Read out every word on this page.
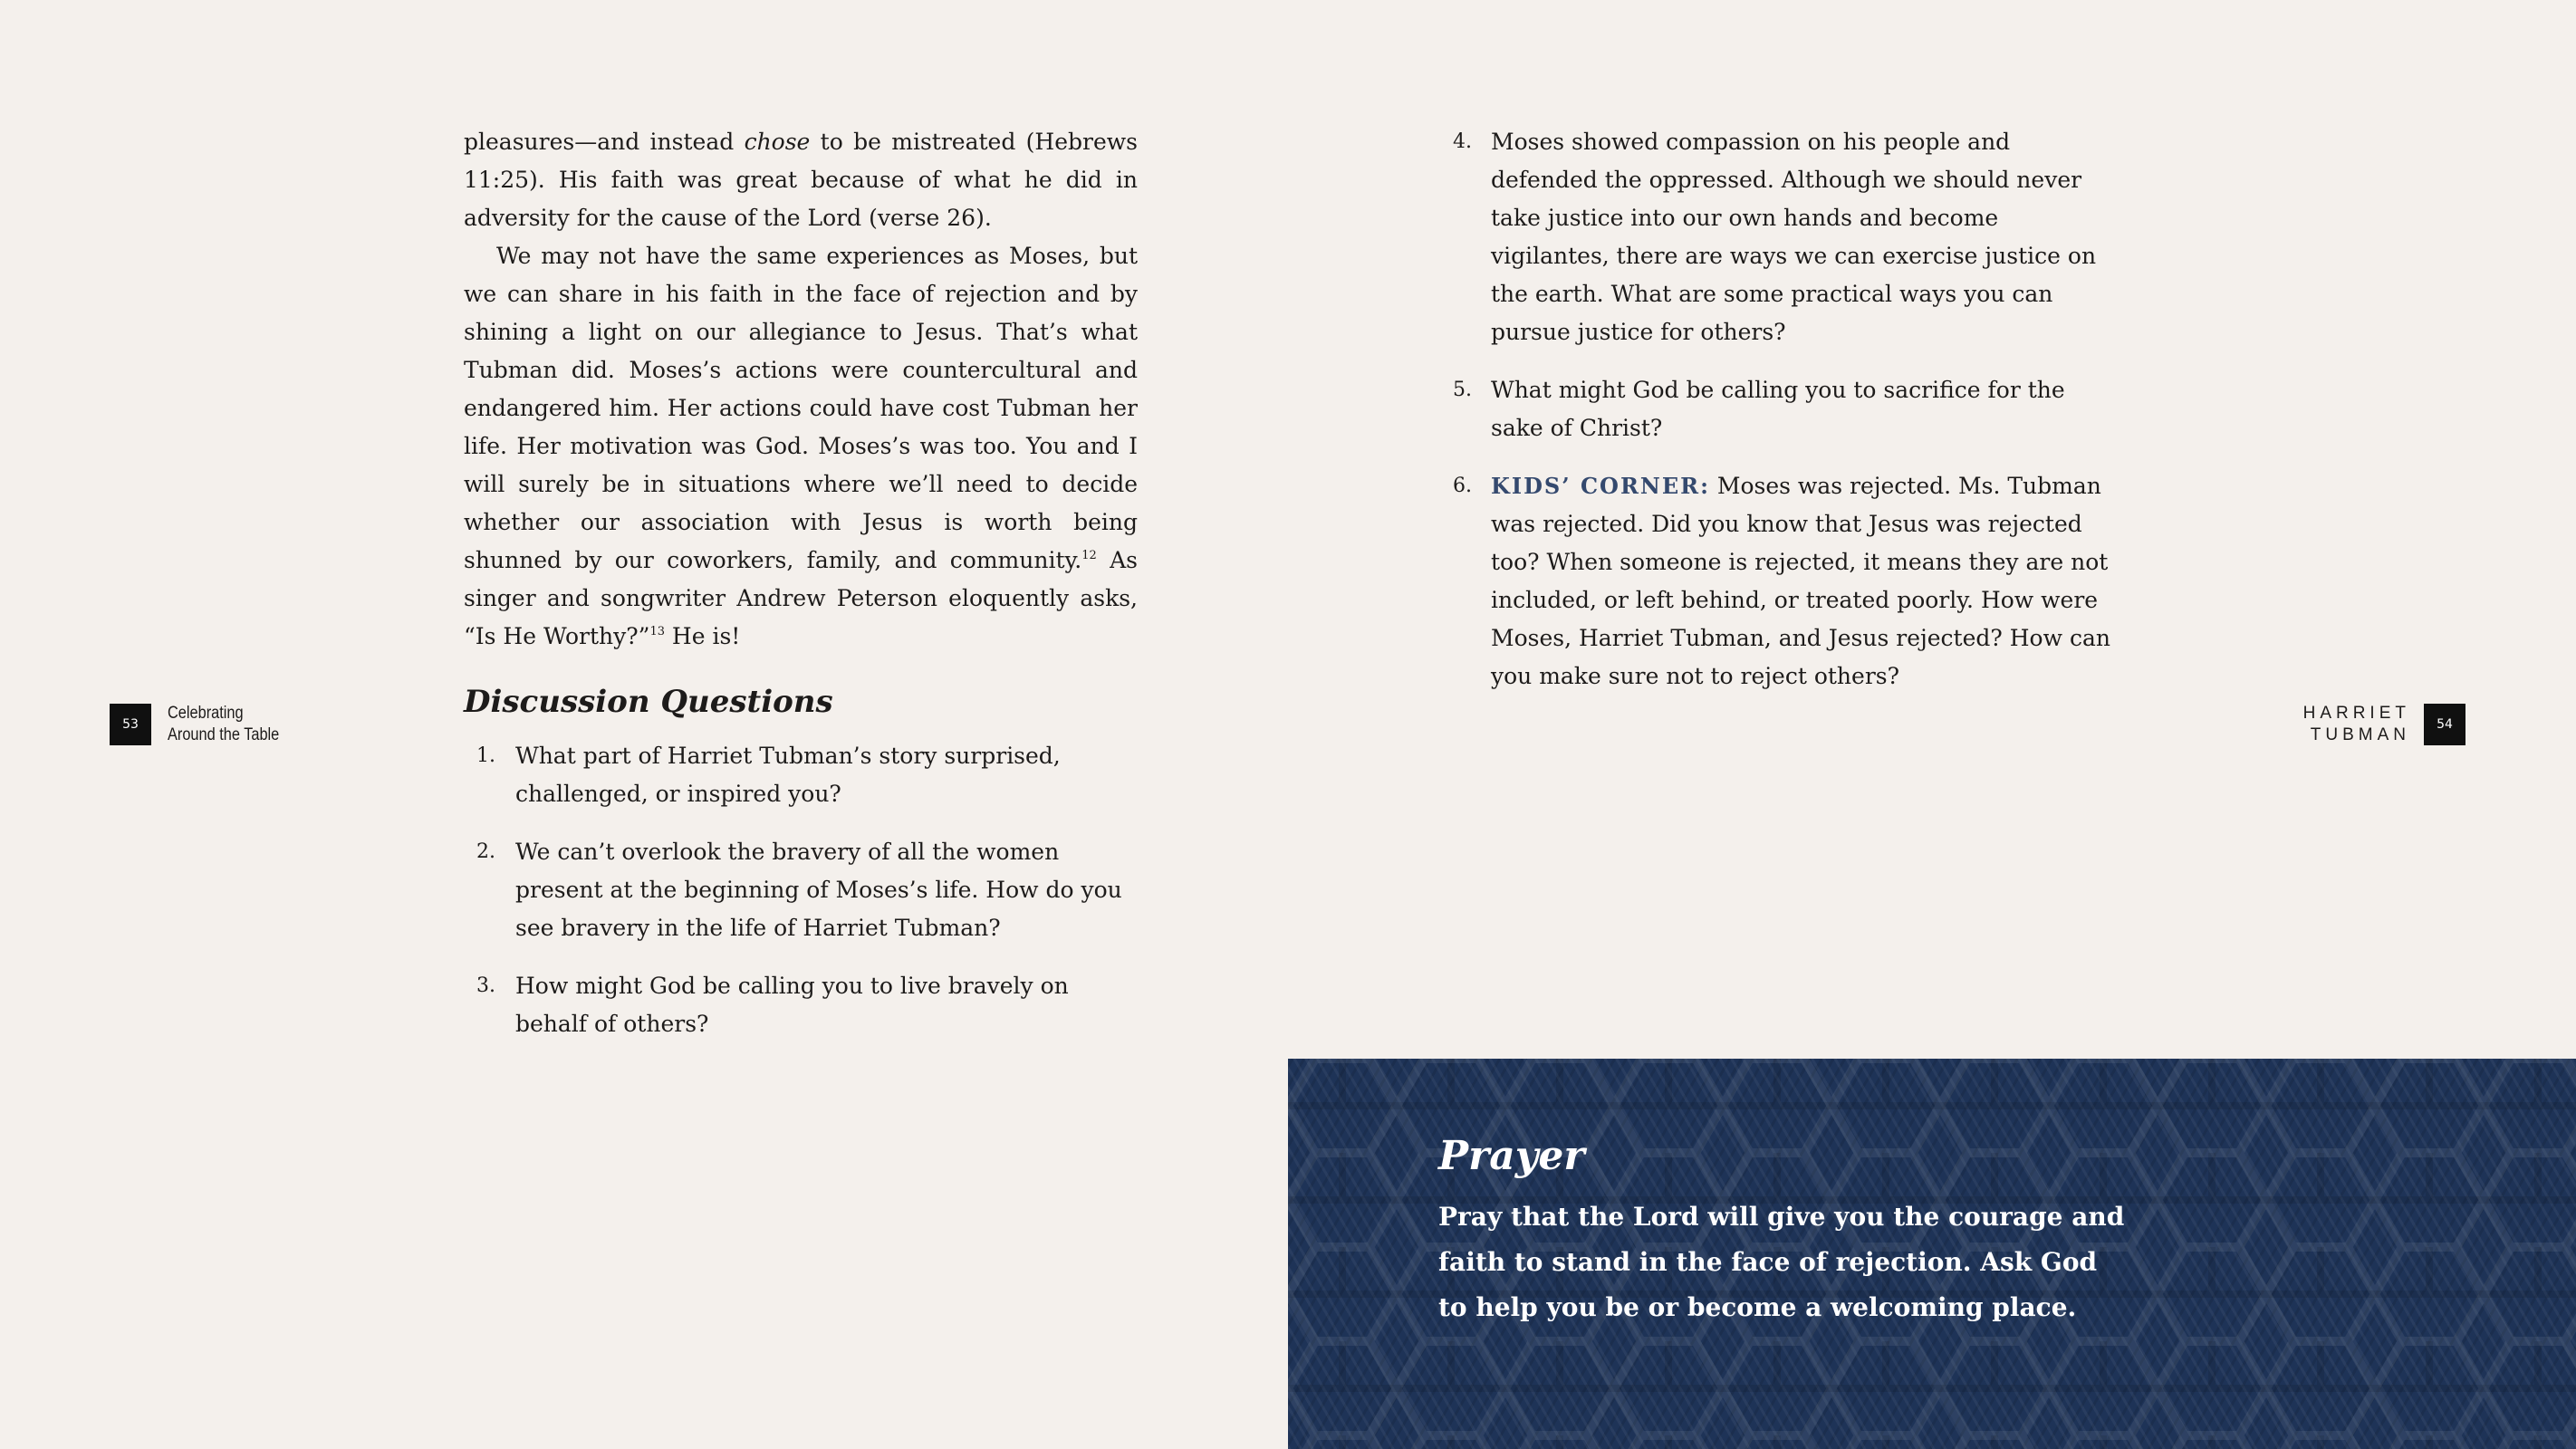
pleasures—and instead chose to be mistreated (Hebrews 11:25). His faith was great because of what he did in adversity for the cause of the Lord (verse 26).

We may not have the same experiences as Moses, but we can share in his faith in the face of rejection and by shining a light on our allegiance to Jesus. That’s what Tubman did. Moses’s actions were countercultural and endangered him. Her actions could have cost Tubman her life. Her motivation was God. Moses’s was too. You and I will surely be in situations where we’ll need to decide whether our association with Jesus is worth being shunned by our coworkers, family, and community.$^{12}$ As singer and songwriter Andrew Peterson eloquently asks, “Is He Worthy?”$^{13}$ He is!

Discussion Questions
1. What part of Harriet Tubman’s story surprised, challenged, or inspired you?
2. We can’t overlook the bravery of all the women present at the beginning of Moses’s life. How do you see bravery in the life of Harriet Tubman?
3. How might God be calling you to live bravely on behalf of others?
53
Celebrating
Around the Table
4. Moses showed compassion on his people and defended the oppressed. Although we should never take justice into our own hands and become vigilantes, there are ways we can exercise justice on the earth. What are some practical ways you can pursue justice for others?
5. What might God be calling you to sacrifice for the sake of Christ?
6. KIDS’ CORNER: Moses was rejected. Ms. Tubman was rejected. Did you know that Jesus was rejected too? When someone is rejected, it means they are not included, or left behind, or treated poorly. How were Moses, Harriet Tubman, and Jesus rejected? How can you make sure not to reject others?
HARRIET
TUBMAN
54
Prayer
Pray that the Lord will give you the courage and faith to stand in the face of rejection. Ask God to help you be or become a welcoming place.
